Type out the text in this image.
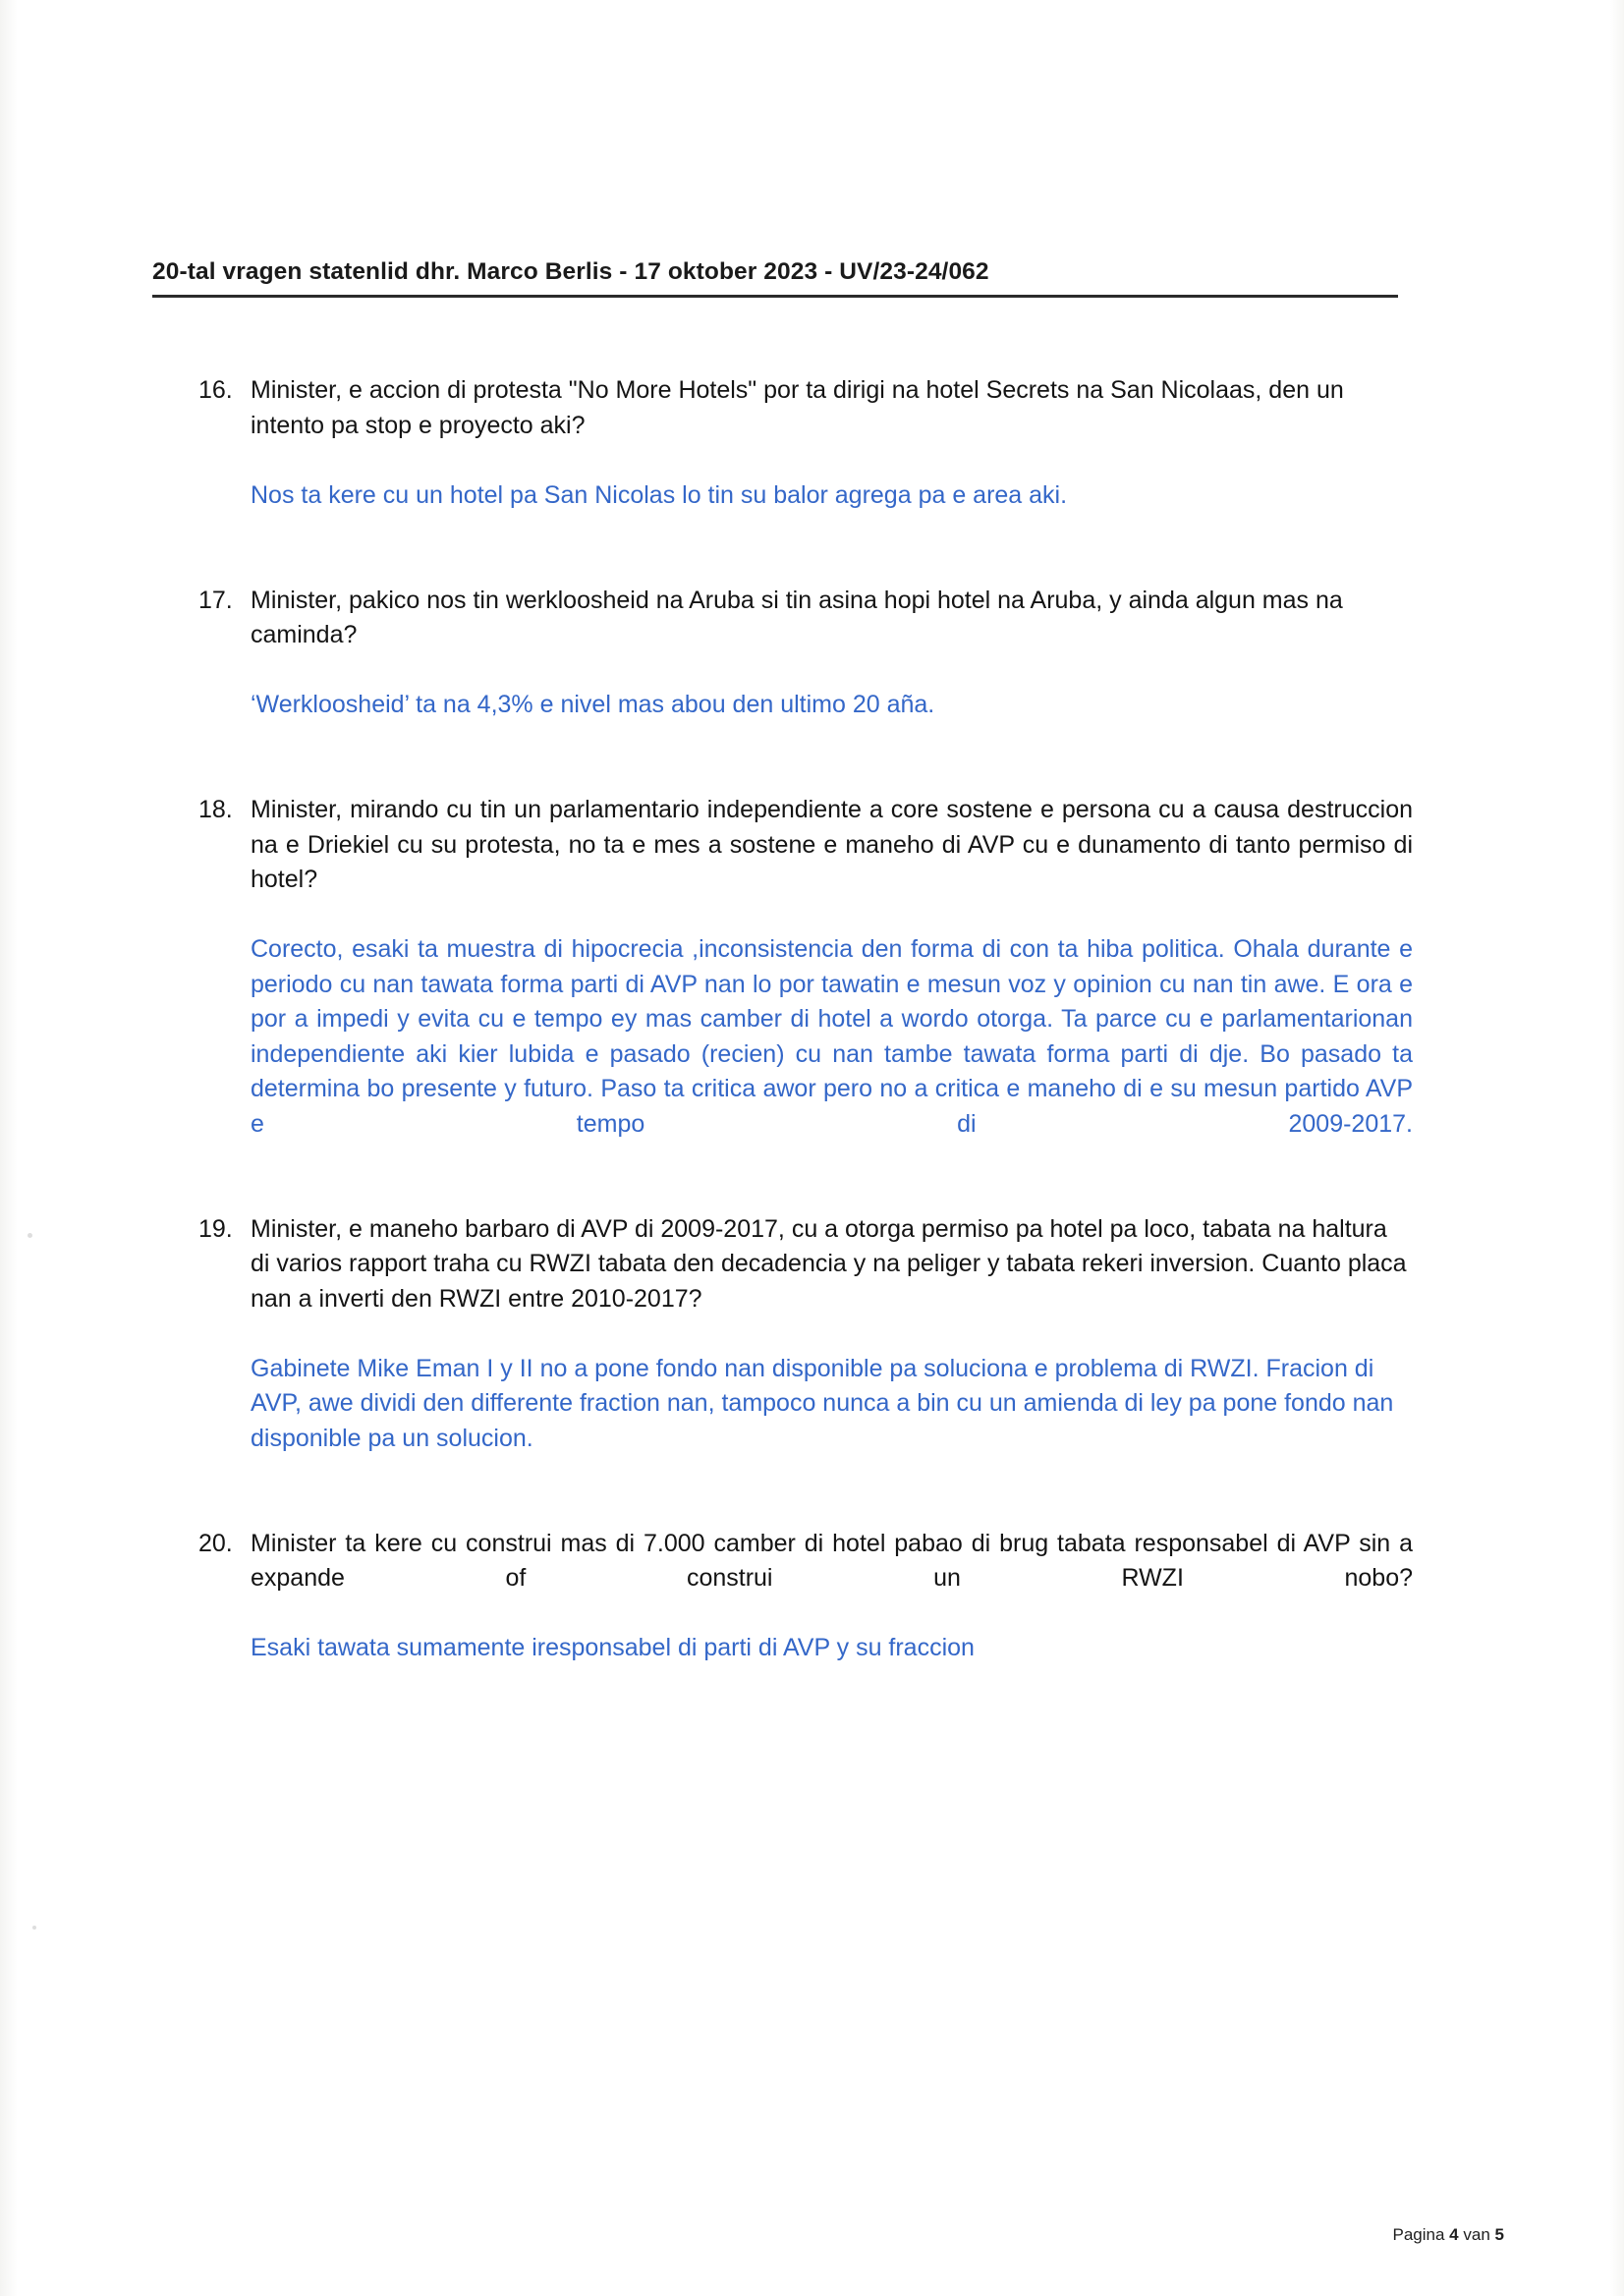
20-tal vragen statenlid dhr. Marco Berlis - 17 oktober 2023 - UV/23-24/062
16. Minister, e accion di protesta "No More Hotels" por ta dirigi na hotel Secrets na San Nicolaas, den un intento pa stop e proyecto aki?

Nos ta kere cu un hotel pa San Nicolas lo tin su balor agrega pa e area aki.

17. Minister, pakico nos tin werkloosheid na Aruba si tin asina hopi hotel na Aruba, y ainda algun mas na caminda?

‘Werkloosheid’ ta na 4,3% e nivel mas abou den ultimo 20 aña.

18. Minister, mirando cu tin un parlamentario independiente a core sostene e persona cu a causa destruccion na e Driekiel cu su protesta, no ta e mes a sostene e maneho di AVP cu e dunamento di tanto permiso di hotel?

Corecto, esaki ta muestra di hipocrecia ,inconsistencia den forma di con ta hiba politica. Ohala durante e periodo cu nan tawata forma parti di AVP nan lo por tawatin e mesun voz y opinion cu nan tin awe. E ora e por a impedi y evita cu e tempo ey mas camber di hotel a wordo otorga. Ta parce cu e parlamentarionan independiente aki kier lubida e pasado (recien) cu nan tambe tawata forma parti di dje. Bo pasado ta determina bo presente y futuro. Paso ta critica awor pero no a critica e maneho di e su mesun partido AVP e tempo di 2009-2017.

19. Minister, e maneho barbaro di AVP di 2009-2017, cu a otorga permiso pa hotel pa loco, tabata na haltura di varios rapport traha cu RWZI tabata den decadencia y na peliger y tabata rekeri inversion. Cuanto placa nan a inverti den RWZI entre 2010-2017?

Gabinete Mike Eman I y II no a pone fondo nan disponible pa soluciona e problema di RWZI. Fracion di AVP, awe dividi den differente fraction nan, tampoco nunca a bin cu un amienda di ley pa pone fondo nan disponible pa un solucion.

20. Minister ta kere cu construi mas di 7.000 camber di hotel pabao di brug tabata responsabel di AVP sin a expande of construi un RWZI nobo?

Esaki tawata sumamente iresponsabel di parti di AVP y su fraccion

Pagina 4 van 5
